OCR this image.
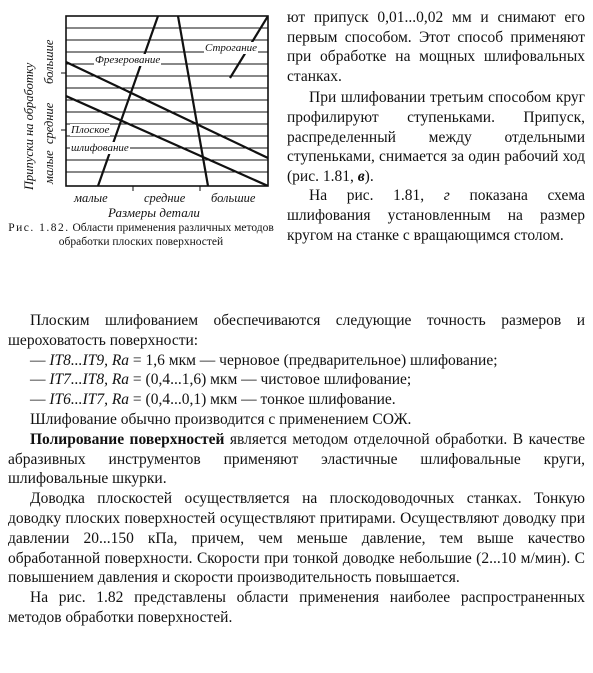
Фрезерование
Строгание
Плоское
шлифование
Припуски на обработку малые
средние
большие
малые	средние большие
Размеры детали
Рис. 1.82. Области применения различных методов обработки плоских поверхностей

ют припуск 0,01...0,02 мм и снимают его первым способом. Этот способ применяют при обработке на мощных шлифовальных станках.

При шлифовании третьим способом круг профилируют ступеньками. Припуск, распределенный между отдельными ступеньками, снимается за один рабочий ход (рис. 1.81, в).

На рис. 1.81, г показана схема шлифования установленным на размер кругом на станке с вращающимся столом.

Плоским шлифованием обеспечиваются следующие точность размеров и шероховатость поверхности:

— IT8...IT9, Ra = 1,6 мкм — черновое (предварительное) шлифование;

— IT7...IT8, Ra = (0,4...1,6) мкм — чистовое шлифование;

— IT6...IT7, Ra = (0,4...0,1) мкм — тонкое шлифование.

Шлифование обычно производится с применением СОЖ.

Полирование поверхностей является методом отделочной обработки. В качестве абразивных инструментов применяют эластичные шлифовальные круги, шлифовальные шкурки.

Доводка плоскостей осуществляется на плоскодоводочных станках. Тонкую доводку плоских поверхностей осуществляют притирами. Осуществляют доводку при давлении 20...150 кПа, причем, чем меньше давление, тем выше качество обработанной поверхности. Скорости при тонкой доводке небольшие (2...10 м/мин). С повышением давления и скорости производительность повышается.

На рис. 1.82 представлены области применения наиболее распространенных методов обработки поверхностей.
